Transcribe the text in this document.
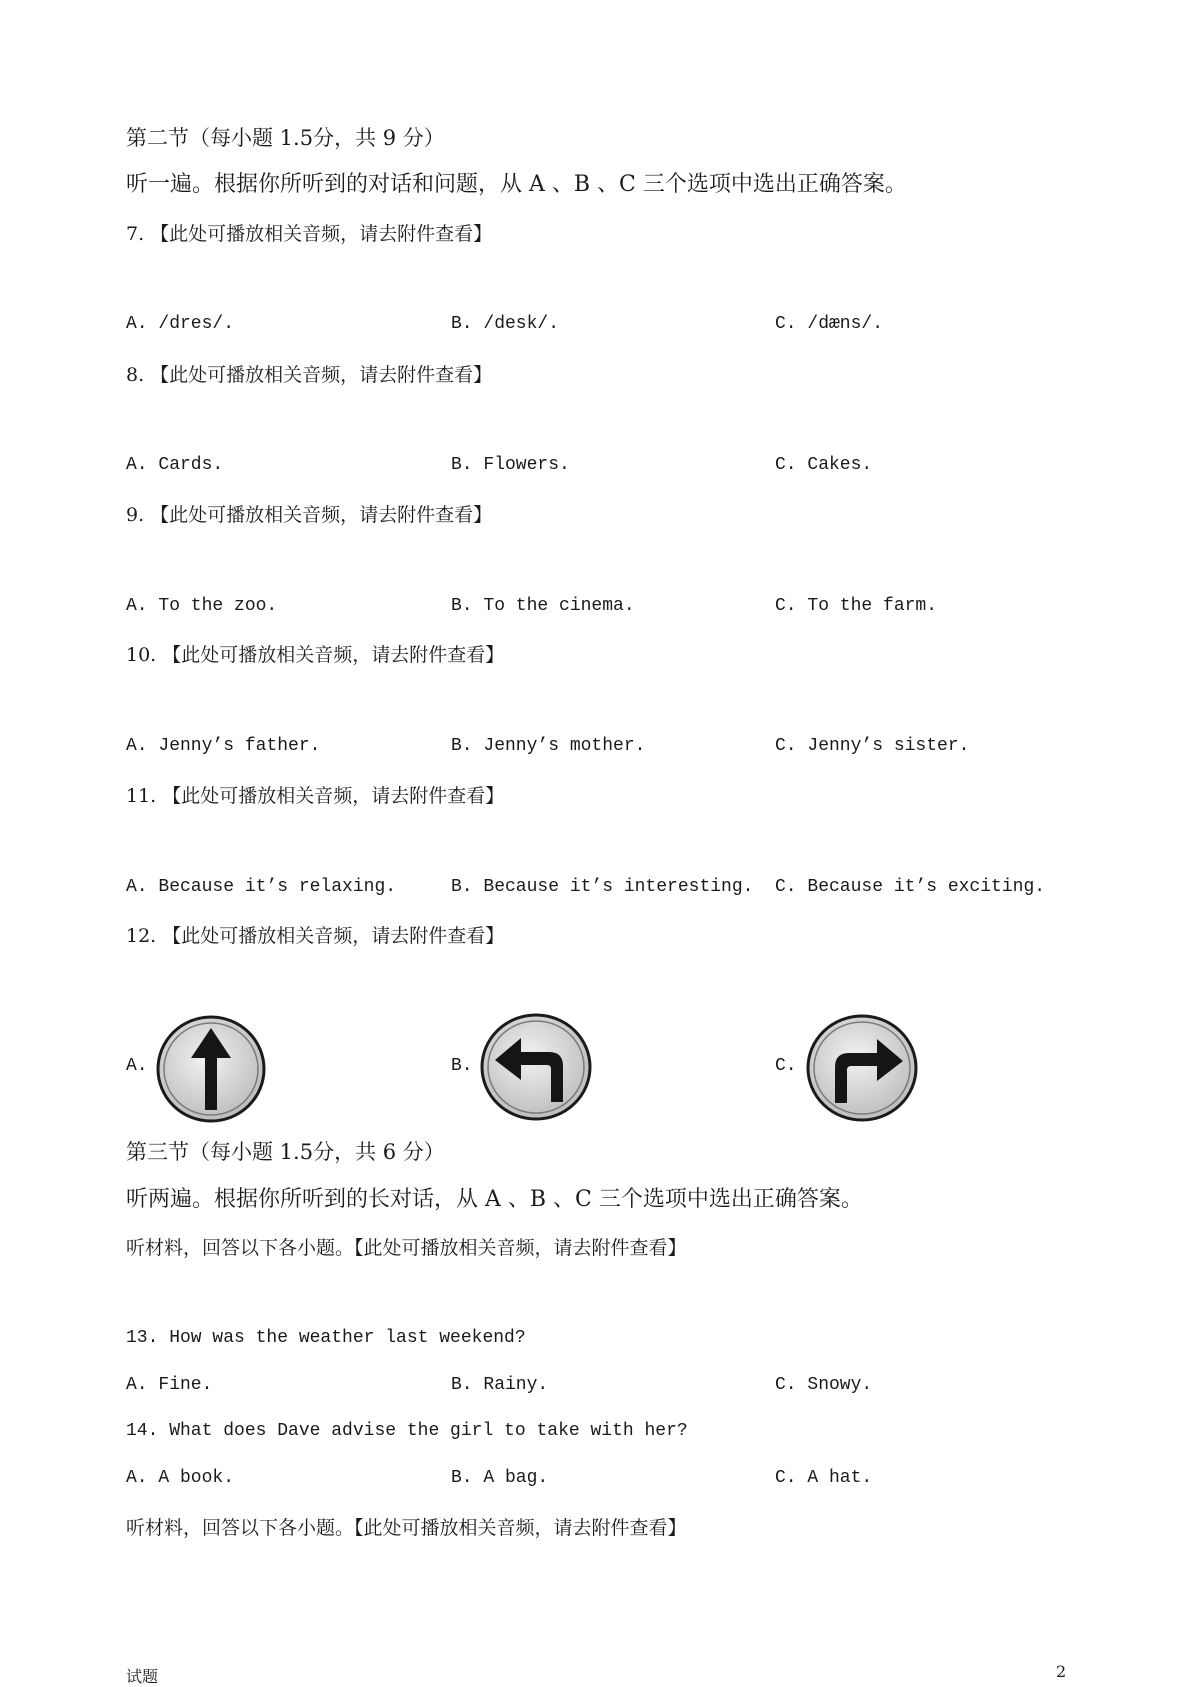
第二节（每小题 1.5分，共 9 分）
听一遍。根据你所听到的对话和问题，从 A 、B 、C 三个选项中选出正确答案。
7. 【此处可播放相关音频，请去附件查看】
A. /dres/.	B. /desk/.	C. /dæns/.
8. 【此处可播放相关音频，请去附件查看】
A. Cards.	B. Flowers.	C. Cakes.
9. 【此处可播放相关音频，请去附件查看】
A. To the zoo.	B. To the cinema.	C. To the farm.
10. 【此处可播放相关音频，请去附件查看】
A. Jenny’s father.	B. Jenny’s mother.	C. Jenny’s sister.
11. 【此处可播放相关音频，请去附件查看】
A. Because it’s relaxing.	B. Because it’s interesting. C. Because it’s exciting.
12. 【此处可播放相关音频，请去附件查看】
A.	B.	C.
第三节（每小题 1.5分，共 6 分）
听两遍。根据你所听到的长对话，从 A 、B 、C 三个选项中选出正确答案。
听材料，回答以下各小题。【此处可播放相关音频，请去附件查看】
13. How was the weather last weekend?
A. Fine.	B. Rainy.	C. Snowy.
14. What does Dave advise the girl to take with her?
A. A book.	B. A bag.	C. A hat.
听材料，回答以下各小题。【此处可播放相关音频，请去附件查看】
试题	2
